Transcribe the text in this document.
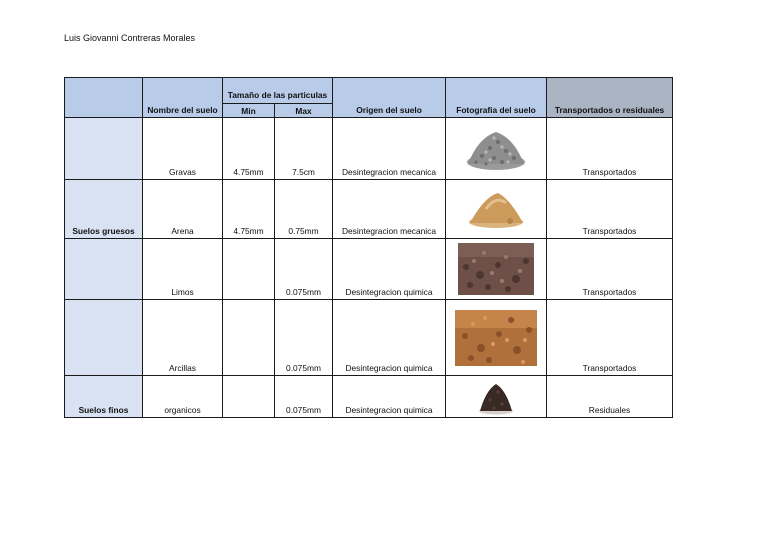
Luis Giovanni Contreras Morales
	Nombre del suelo	Tamaño de las particulas		Origen del suelo	Fotografia del suelo	Transportados o residuales
		Min	Max			
	Gravas	4.75mm	7.5cm	Desintegracion mecanica		Transportados
Suelos gruesos	Arena	4.75mm	0.75mm	Desintegracion mecanica		Transportados
	Limos		0.075mm	Desintegracion quimica		Transportados
	Arcillas		0.075mm	Desintegracion quimica		Transportados
Suelos finos	organicos		0.075mm	Desintegracion quimica		Residuales
